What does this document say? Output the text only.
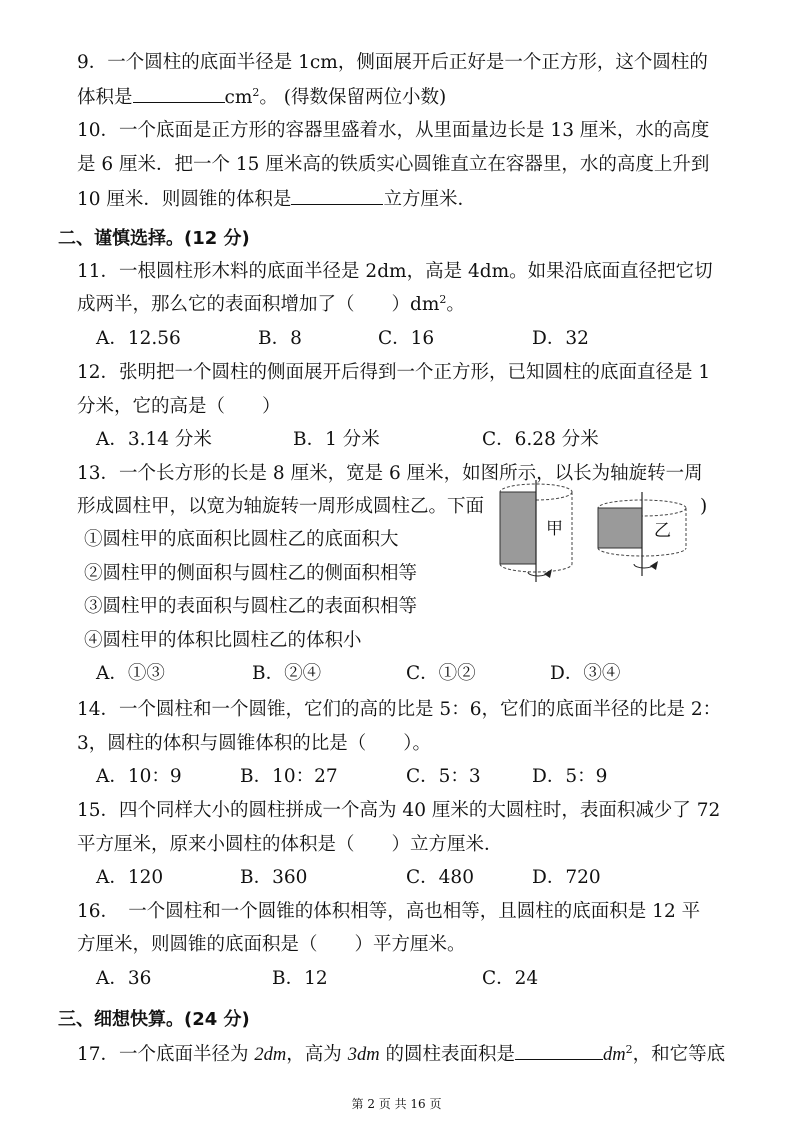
9．一个圆柱的底面半径是 1cm，侧面展开后正好是一个正方形，这个圆柱的
体积是	$cm^2$。 (得数保留两位小数)
10．一个底面是正方形的容器里盛着水，从里面量边长是 13 厘米，水的高度
是 6 厘米．把一个 15 厘米高的铁质实心圆锥直立在容器里，水的高度上升到
10 厘米．则圆锥的体积是	立方厘米．
二、谨慎选择。(12 分)
11．一根圆柱形木料的底面半径是 2dm，高是 4dm。如果沿底面直径把它切
成两半，那么它的表面积增加了（　　）$dm^2$。
A．12.56	B．8	C．16	D．32
12．张明把一个圆柱的侧面展开后得到一个正方形，已知圆柱的底面直径是 1
分米，它的高是（　　）
A．3.14 分米	B．1 分米	C．6.28 分米
13．一个长方形的长是 8 厘米，宽是 6 厘米，如图所示，以长为轴旋转一周
形成圆柱甲，以宽为轴旋转一周形成圆柱乙。下面	)
①圆柱甲的底面积比圆柱乙的底面积大
②圆柱甲的侧面积与圆柱乙的侧面积相等
③圆柱甲的表面积与圆柱乙的表面积相等
④圆柱甲的体积比圆柱乙的体积小
A．①③	B．②④	C．①②	D．③④
甲	乙
14．一个圆柱和一个圆锥，它们的高的比是 5：6，它们的底面半径的比是 2：
3，圆柱的体积与圆锥体积的比是（　　）。
A．10：9	B．10：27	C．5：3	D．5：9
15．四个同样大小的圆柱拼成一个高为 40 厘米的大圆柱时，表面积减少了 72
平方厘米，原来小圆柱的体积是（　　）立方厘米．
A．120	B．360	C．480	D．720
16．　一个圆柱和一个圆锥的体积相等，高也相等，且圆柱的底面积是 12 平
方厘米，则圆锥的底面积是（　　）平方厘米。
A．36	B．12	C．24
三、细想快算。(24 分)
17．一个底面半径为 2dm，高为 3dm 的圆柱表面积是	$dm^2$，和它等底
第 2 页 共 16 页
